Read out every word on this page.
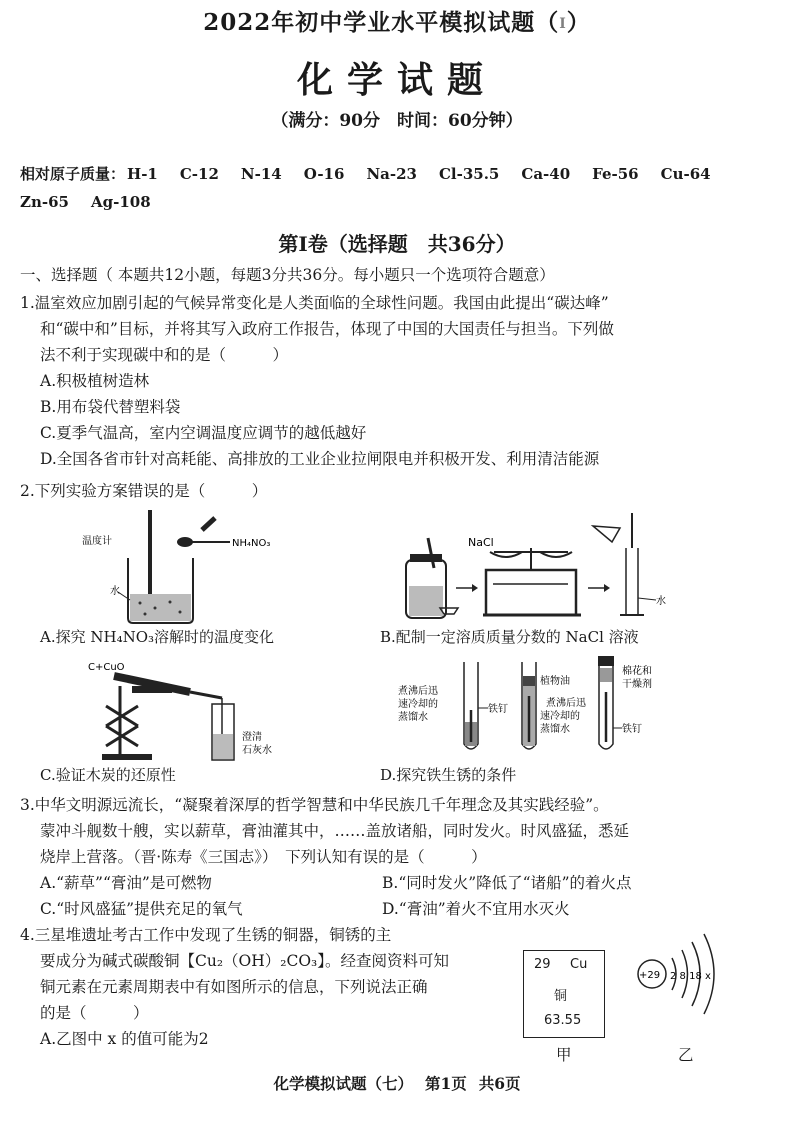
2022年初中学业水平模拟试题（I）
化学试题
（满分：90分　时间：60分钟）
相对原子质量： H-1 C-12 N-14 O-16 Na-23 Cl-35.5 Ca-40 Fe-56 Cu-64
Zn-65 Ag-108
第Ⅰ卷（选择题　共36分）
一、选择题（ 本题共12小题，每题3分共36分。每小题只一个选项符合题意）
1.温室效应加剧引起的气候异常变化是人类面临的全球性问题。我国由此提出“碳达峰”
和“碳中和”目标，并将其写入政府工作报告，体现了中国的大国责任与担当。下列做
法不利于实现碳中和的是（　　　）
A.积极植树造林
B.用布袋代替塑料袋
C.夏季气温高，室内空调温度应调节的越低越好
D.全国各省市针对高耗能、高排放的工业企业拉闸限电并积极开发、利用清洁能源
2.下列实验方案错误的是（　　　）
温度计	NH₄NO₃
水
A.探究 NH₄NO₃溶解时的温度变化
NaCl
水
B.配制一定溶质质量分数的 NaCl 溶液
C+CuO
澄清
石灰水
C.验证木炭的还原性
煮沸后迅
速冷却的
蒸馏水
铁钉
植物油
煮沸后迅
速冷却的
蒸馏水
棉花和
干燥剂
铁钉
D.探究铁生锈的条件
3.中华文明源远流长，“凝聚着深厚的哲学智慧和中华民族几千年理念及其实践经验”。
蒙冲斗舰数十艘，实以薪草，膏油灌其中，……盖放诸船，同时发火。时风盛猛，悉延
烧岸上营落。（晋·陈寿《三国志》）　下列认知有误的是（　　　）
A.“薪草”“膏油”是可燃物	B.“同时发火”降低了“诸船”的着火点
C.“时风盛猛”提供充足的氧气	D.“膏油”着火不宜用水灭火
4.三星堆遗址考古工作中发现了生锈的铜器，铜锈的主
要成分为碱式碳酸铜【Cu₂（OH）₂CO₃】。经查阅资料可知
铜元素在元素周期表中有如图所示的信息，下列说法正确
的是（　　　）
A.乙图中 x 的值可能为2
29 Cu
铜
63.55
甲
+29 2 8 18 x
乙
化学模拟试题（七） 第1页 共6页
